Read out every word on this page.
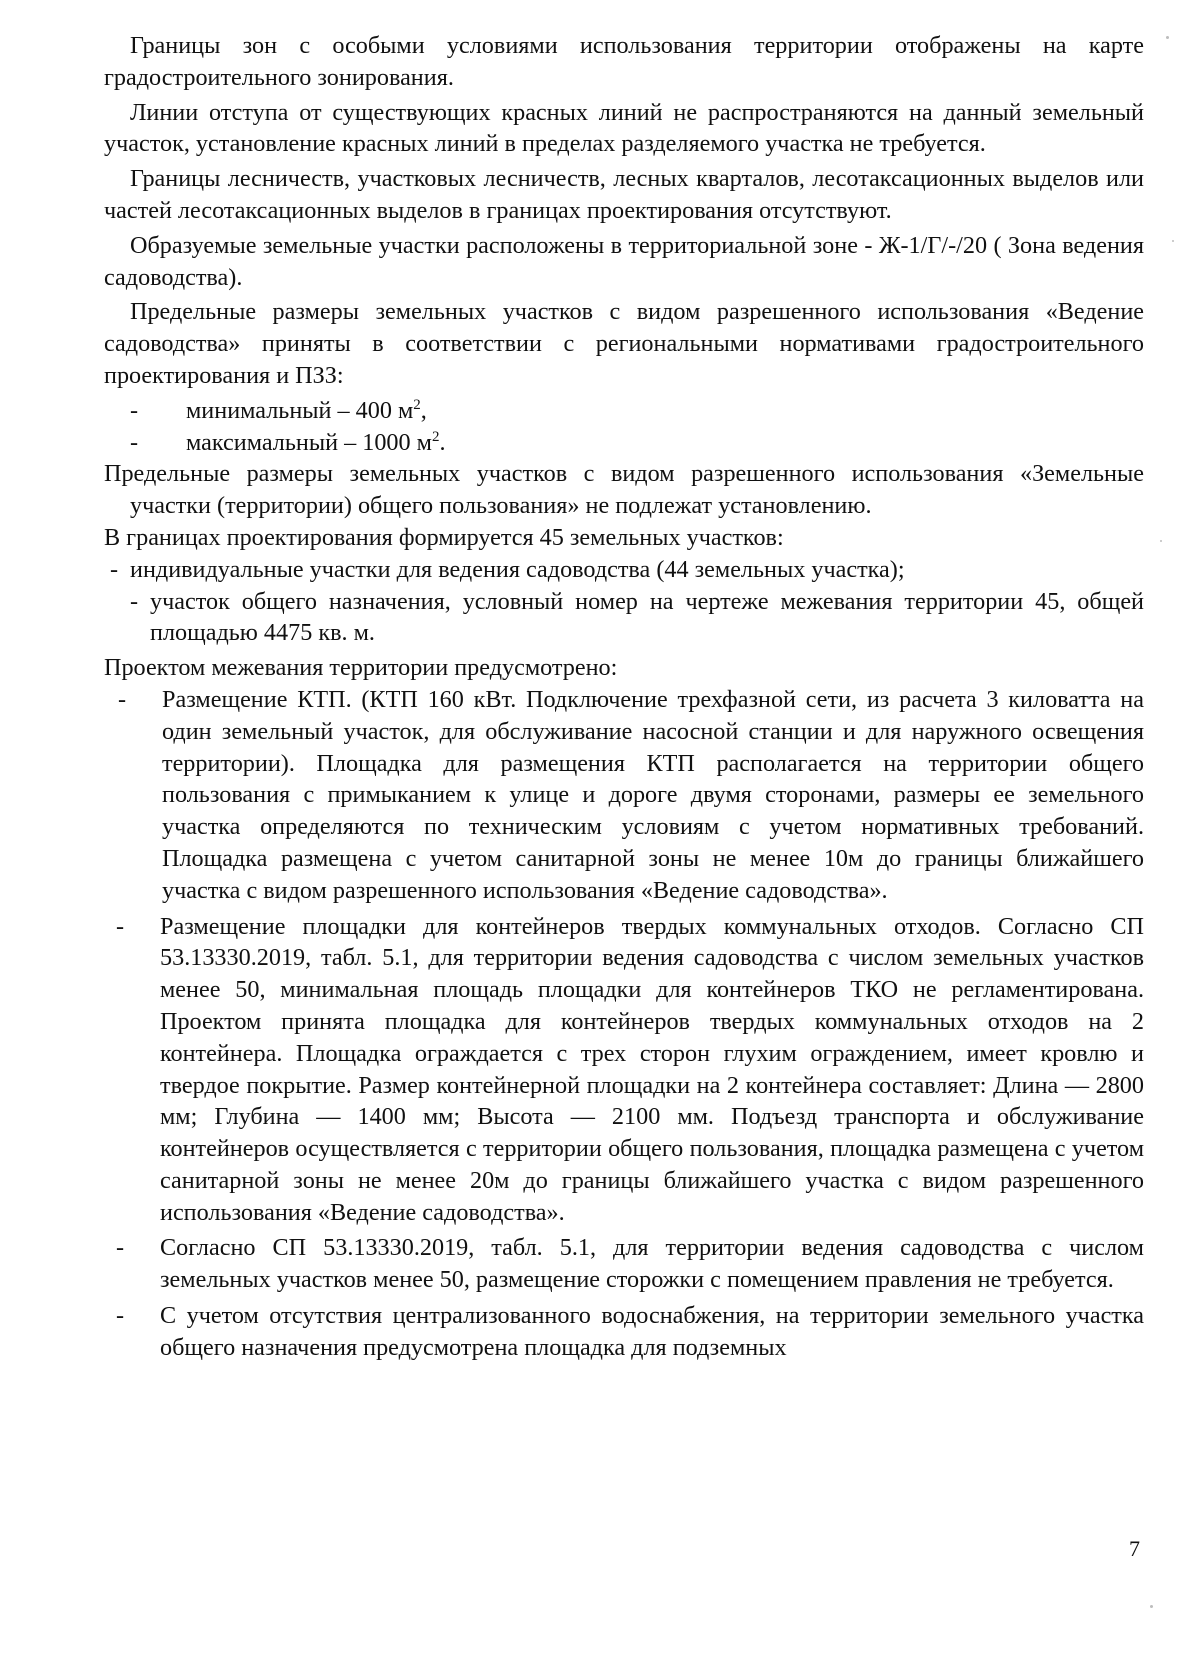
Границы зон с особыми условиями использования территории отображены на карте градостроительного зонирования.

Линии отступа от существующих красных линий не распространяются на данный земельный участок, установление красных линий в пределах разделяемого участка не требуется.

Границы лесничеств, участковых лесничеств, лесных кварталов, лесотаксационных выделов или частей лесотаксационных выделов в границах проектирования отсутствуют.

Образуемые земельные участки расположены в территориальной зоне - Ж-1/Г/-/20 ( Зона ведения садоводства).

Предельные размеры земельных участков с видом разрешенного использования «Ведение садоводства» приняты в соответствии с региональными нормативами градостроительного проектирования и ПЗЗ:

- минимальный – 400 $м^2$,
- максимальный – 1000 $м^2$.

Предельные размеры земельных участков с видом разрешенного использования «Земельные участки (территории) общего пользования» не подлежат установлению.

В границах проектирования формируется 45 земельных участков:

- индивидуальные участки для ведения садоводства (44 земельных участка);
- участок общего назначения, условный номер на чертеже межевания территории 45, общей площадью 4475 кв. м.

Проектом межевания территории предусмотрено:

- Размещение КТП. (КТП 160 кВт. Подключение трехфазной сети, из расчета 3 киловатта на один земельный участок, для обслуживание насосной станции и для наружного освещения территории). Площадка для размещения КТП располагается на территории общего пользования с примыканием к улице и дороге двумя сторонами, размеры ее земельного участка определяются по техническим условиям с учетом нормативных требований. Площадка размещена с учетом санитарной зоны не менее 10м до границы ближайшего участка с видом разрешенного использования «Ведение садоводства».
- Размещение площадки для контейнеров твердых коммунальных отходов. Согласно СП 53.13330.2019, табл. 5.1, для территории ведения садоводства с числом земельных участков менее 50, минимальная площадь площадки для контейнеров ТКО не регламентирована. Проектом принята площадка для контейнеров твердых коммунальных отходов на 2 контейнера. Площадка ограждается с трех сторон глухим ограждением, имеет кровлю и твердое покрытие. Размер контейнерной площадки на 2 контейнера составляет: Длина — 2800 мм; Глубина — 1400 мм; Высота — 2100 мм. Подъезд транспорта и обслуживание контейнеров осуществляется с территории общего пользования, площадка размещена с учетом санитарной зоны не менее 20м до границы ближайшего участка с видом разрешенного использования «Ведение садоводства».
- Согласно СП 53.13330.2019, табл. 5.1, для территории ведения садоводства с числом земельных участков менее 50, размещение сторожки с помещением правления не требуется.
- С учетом отсутствия централизованного водоснабжения, на территории земельного участка общего назначения предусмотрена площадка для подземных
7
